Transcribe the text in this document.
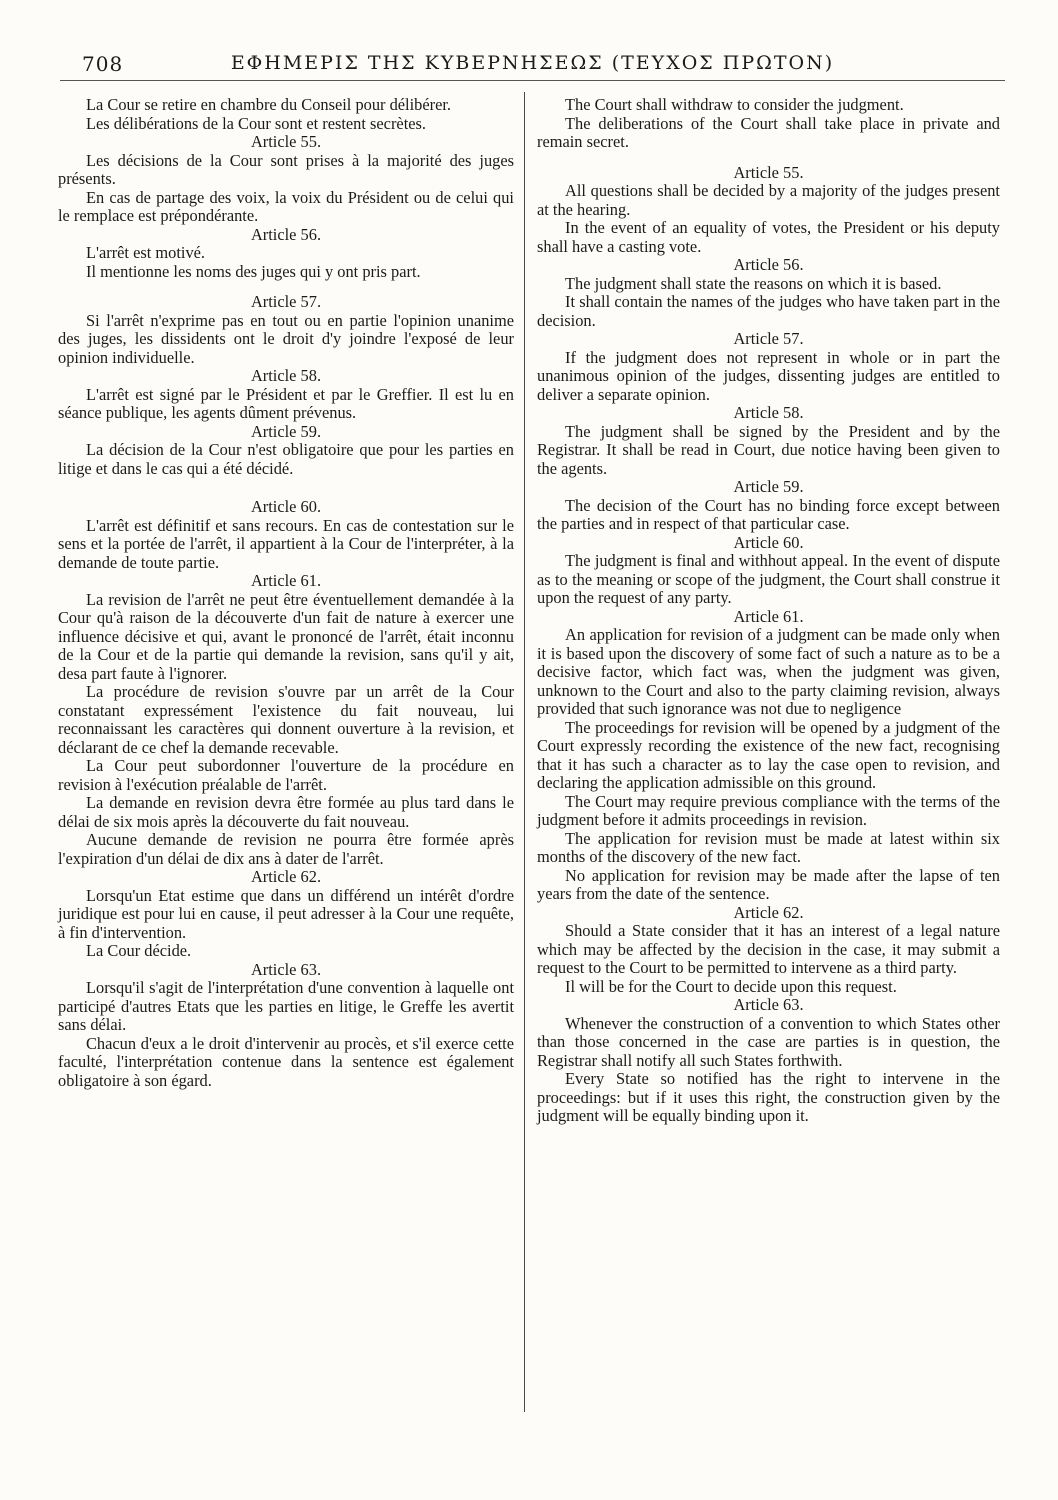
708	ΕΦΗΜΕΡΙΣ ΤΗΣ ΚΥΒΕΡΝΗΣΕΩΣ (ΤΕΥΧΟΣ ΠΡΩΤΟΝ)

La Cour se retire en chambre du Conseil pour délibérer.

Les délibérations de la Cour sont et restent secrètes.

Article 55.

Les décisions de la Cour sont prises à la majorité des juges présents.

En cas de partage des voix, la voix du Président ou de celui qui le remplace est prépondérante.

Article 56.

L'arrêt est motivé.

Il mentionne les noms des juges qui y ont pris part.

Article 57.

Si l'arrêt n'exprime pas en tout ou en partie l'opinion unanime des juges, les dissidents ont le droit d'y joindre l'exposé de leur opinion individuelle.

Article 58.

L'arrêt est signé par le Président et par le Greffier. Il est lu en séance publique, les agents dûment prévenus.

Article 59.

La décision de la Cour n'est obligatoire que pour les parties en litige et dans le cas qui a été décidé.

Article 60.

L'arrêt est définitif et sans recours. En cas de contestation sur le sens et la portée de l'arrêt, il appartient à la Cour de l'interpréter, à la demande de toute partie.

Article 61.

La revision de l'arrêt ne peut être éventuellement demandée à la Cour qu'à raison de la découverte d'un fait de nature à exercer une influence décisive et qui, avant le prononcé de l'arrêt, était inconnu de la Cour et de la partie qui demande la revision, sans qu'il y ait, desa part faute à l'ignorer.

La procédure de revision s'ouvre par un arrêt de la Cour constatant expressément l'existence du fait nouveau, lui reconnaissant les caractères qui donnent ouverture à la revision, et déclarant de ce chef la demande recevable.

La Cour peut subordonner l'ouverture de la procédure en revision à l'exécution préalable de l'arrêt.

La demande en revision devra être formée au plus tard dans le délai de six mois après la découverte du fait nouveau.

Aucune demande de revision ne pourra être formée après l'expiration d'un délai de dix ans à dater de l'arrêt.

Article 62.

Lorsqu'un Etat estime que dans un différend un intérêt d'ordre juridique est pour lui en cause, il peut adresser à la Cour une requête, à fin d'intervention.

La Cour décide.

Article 63.

Lorsqu'il s'agit de l'interprétation d'une convention à laquelle ont participé d'autres Etats que les parties en litige, le Greffe les avertit sans délai.

Chacun d'eux a le droit d'intervenir au procès, et s'il exerce cette faculté, l'interprétation contenue dans la sentence est également obligatoire à son égard.

The Court shall withdraw to consider the judgment.

The deliberations of the Court shall take place in private and remain secret.

Article 55.

All questions shall be decided by a majority of the judges present at the hearing.

In the event of an equality of votes, the President or his deputy shall have a casting vote.

Article 56.

The judgment shall state the reasons on which it is based.

It shall contain the names of the judges who have taken part in the decision.

Article 57.

If the judgment does not represent in whole or in part the unanimous opinion of the judges, dissenting judges are entitled to deliver a separate opinion.

Article 58.

The judgment shall be signed by the President and by the Registrar. It shall be read in Court, due notice having been given to the agents.

Article 59.

The decision of the Court has no binding force except between the parties and in respect of that particular case.

Article 60.

The judgment is final and withhout appeal. In the event of dispute as to the meaning or scope of the judgment, the Court shall construe it upon the request of any party.

Article 61.

An application for revision of a judgment can be made only when it is based upon the discovery of some fact of such a nature as to be a decisive factor, which fact was, when the judgment was given, unknown to the Court and also to the party claiming revision, always provided that such ignorance was not due to negligence

The proceedings for revision will be opened by a judgment of the Court expressly recording the existence of the new fact, recognising that it has such a character as to lay the case open to revision, and declaring the application admissible on this ground.

The Court may require previous compliance with the terms of the judgment before it admits proceedings in revision.

The application for revision must be made at latest within six months of the discovery of the new fact.

No application for revision may be made after the lapse of ten years from the date of the sentence.

Article 62.

Should a State consider that it has an interest of a legal nature which may be affected by the decision in the case, it may submit a request to the Court to be permitted to intervene as a third party.

Il will be for the Court to decide upon this request.

Article 63.

Whenever the construction of a convention to which States other than those concerned in the case are parties is in question, the Registrar shall notify all such States forthwith.

Every State so notified has the right to intervene in the proceedings: but if it uses this right, the construction given by the judgment will be equally binding upon it.
